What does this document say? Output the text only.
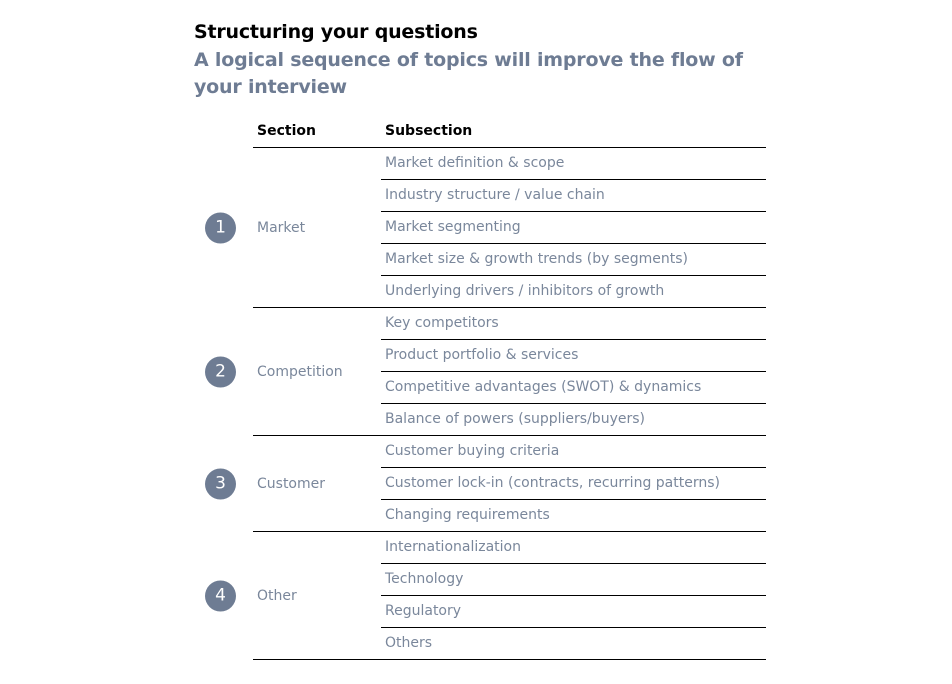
Structuring your questions
A logical sequence of topics will improve the flow of your interview
Section	Subsection
1	Market
Market definition & scope
Industry structure / value chain
Market segmenting
Market size & growth trends (by segments)
Underlying drivers / inhibitors of growth
2	Competition
Key competitors
Product portfolio & services
Competitive advantages (SWOT) & dynamics
Balance of powers (suppliers/buyers)
3	Customer
Customer buying criteria
Customer lock-in (contracts, recurring patterns)
Changing requirements
4	Other
Internationalization
Technology
Regulatory
Others
